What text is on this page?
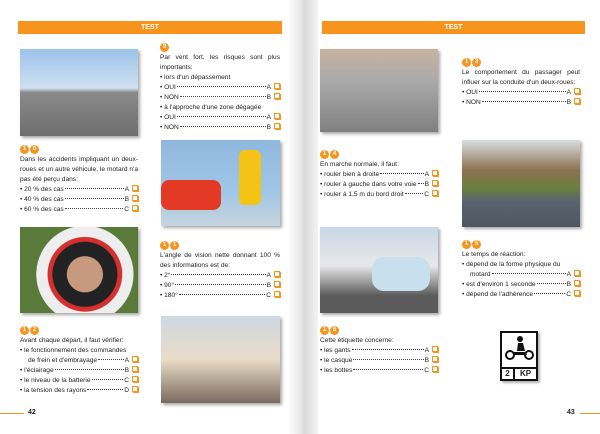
TEST	TEST
2	KP
9
Par vent fort, les risques sont plus importants:
• lors d'un dépassement
• OUI	A
• NON	B
• à l'approche d'une zone dégagée
• OUI	A
• NON	B
1	0
Dans les accidents impliquant un deux-roues et un autre véhicule, le motard n'a pas été perçu dans:
• 20 % des cas	A
• 40 % des cas	B
• 60 % des cas	C
1	1
L'angle de vision nette donnant 100 % des informations est de:
• 2°	A
• 90°	B
• 180°	C
1	2
Avant chaque départ, il faut vérifier:
• le fonctionnement des commandes
de frein et d'embrayage	A
• l'éclairage	B
• le niveau de la batterie	C
• la tension des rayons	D
1	3
Le comportement du passager peut influer sur la conduite d'un deux-roues:
• OUI	A
• NON	B
1	4
En marche normale, il faut:
• rouler bien à droite	A
• rouler à gauche dans votre voie B
• rouler à 1,5 m du bord droit	C
1	5
Le temps de réaction:
• dépend de la forme physique du
motard	A
• est d'environ 1 seconde	B
• dépend de l'adhérence	C
1	6
Cette étiquette concerne:
• les gants	A
• le casque	B
• les bottes	C
42	43
